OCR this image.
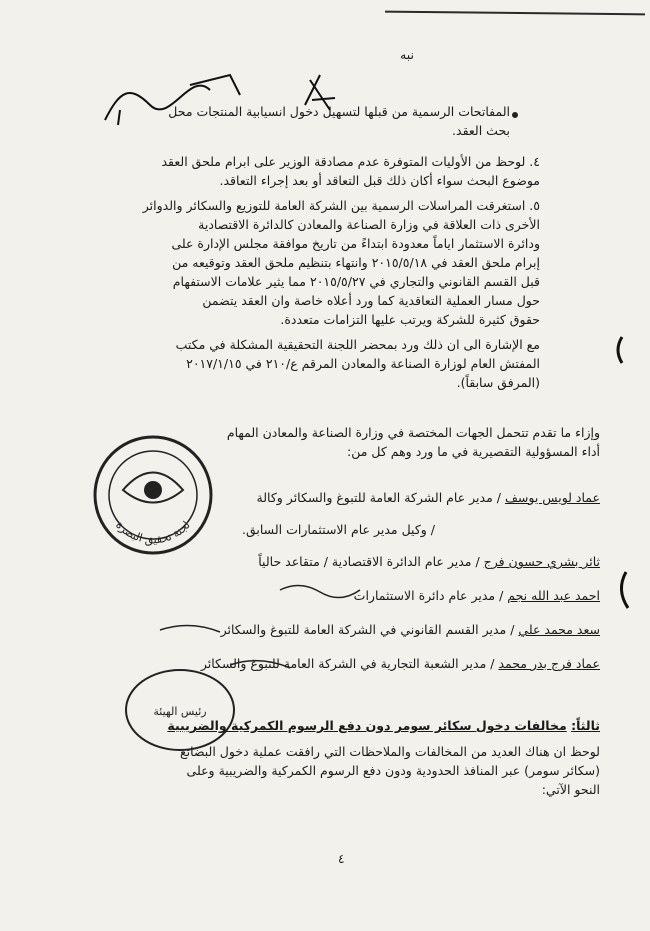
نبه
المفاتحات الرسمية من قبلها لتسهيل دخول انسيابية المنتجات محل
بحث العقد.
٤. لوحظ من الأوليات المتوفرة عدم مصادقة الوزير على ابرام ملحق العقد
موضوع البحث سواء أكان ذلك قبل التعاقد أو بعد إجراء التعاقد.
٥. استغرقت المراسلات الرسمية بين الشركة العامة للتوزيع والسكائر والدوائر
الأخرى ذات العلاقة في وزارة الصناعة والمعادن كالدائرة الاقتصادية
ودائرة الاستثمار اياماً معدودة ابتداءً من تاريخ موافقة مجلس الإدارة على
إبرام ملحق العقد في ٢٠١٥/٥/١٨ وانتهاء بتنظيم ملحق العقد وتوقيعه من
قبل القسم القانوني والتجاري في ٢٠١٥/٥/٢٧ مما يثير علامات الاستفهام
حول مسار العملية التعاقدية كما ورد أعلاه خاصة وان العقد يتضمن
حقوق كثيرة للشركة ويرتب عليها التزامات متعددة.
مع الإشارة الى ان ذلك ورد بمحضر اللجنة التحقيقية المشكلة في مكتب
المفتش العام لوزارة الصناعة والمعادن المرقم ع/٢١٠ في ٢٠١٧/١/١٥
(المرفق سابقاً).
وإزاء ما تقدم تتحمل الجهات المختصة في وزارة الصناعة والمعادن المهام
أداء المسؤولية التقصيرية في ما ورد وهم كل من:
عماد لويس يوسف / مدير عام الشركة العامة للتبوغ والسكائر وكالة
/ وكيل مدير عام الاستثمارات السابق.
ثائر بشري حسون فرج / مدير عام الدائرة الاقتصادية / متقاعد حالياً
احمد عبد الله نجم / مدير عام دائرة الاستثمارات
سعد محمد علي / مدير القسم القانوني في الشركة العامة للتبوغ والسكائر
عماد فرج بدر محمد / مدير الشعبة التجارية في الشركة العامة للتبوغ والسكائر
ثالثاً: مخالفات دخول سكائر سومر دون دفع الرسوم الكمركية والضريبية
لوحظ ان هناك العديد من المخالفات والملاحظات التي رافقت عملية دخول البضائع
(سكائر سومر) عبر المنافذ الحدودية ودون دفع الرسوم الكمركية والضريبية وعلى
النحو الآتي:
لجنة تحقيق البصرة
رئيس الهيئة
٤
